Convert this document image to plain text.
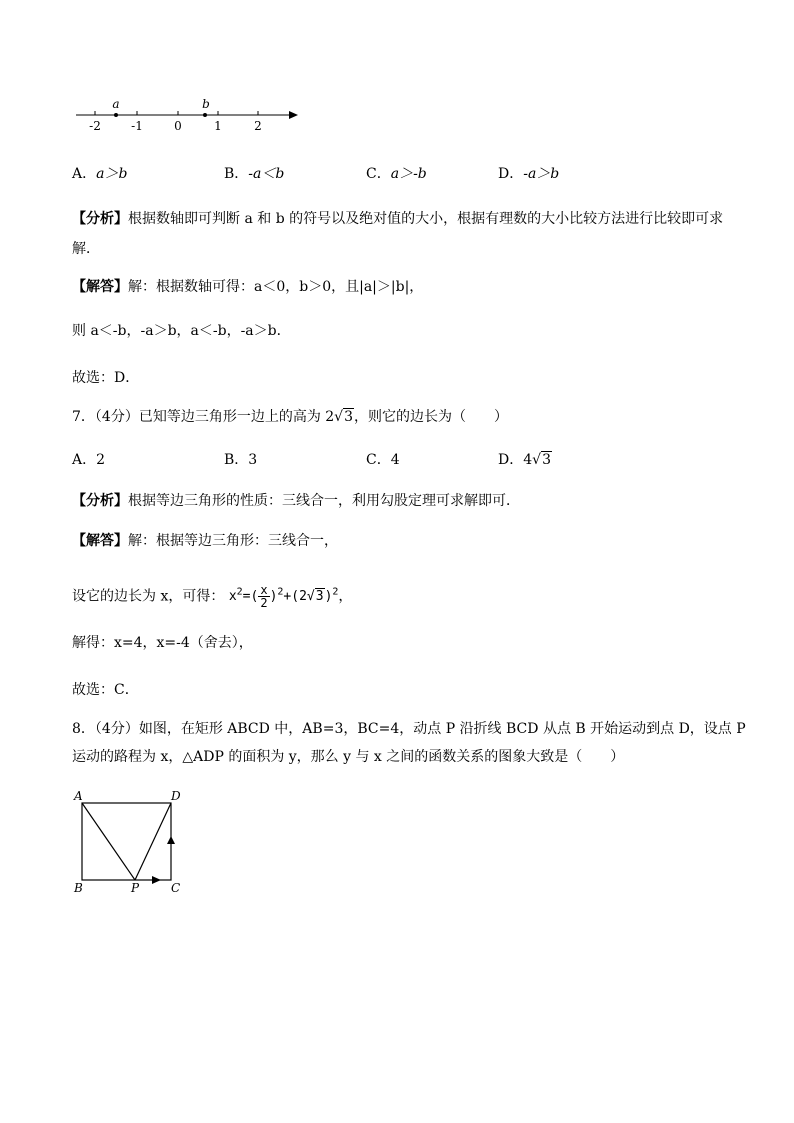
a	b
-2	-1	0	1	2
A．a＞b	B．-a＜b	C．a＞-b	D．-a＞b
【分析】根据数轴即可判断 a 和 b 的符号以及绝对值的大小，根据有理数的大小比较方法进行比较即可求解．
【解答】解：根据数轴可得：a＜0，b＞0，且|a|＞|b|，
则 a＜-b，-a＞b，a＜-b，-a＞b．
故选：D．
7．（4分）已知等边三角形一边上的高为 2√3，则它的边长为（　　）
A．2	B．3	C．4	D．4√3
【分析】根据等边三角形的性质：三线合一，利用勾股定理可求解即可．
【解答】解：根据等边三角形：三线合一，
设它的边长为 x，可得： $x^2=( \frac{x}{2} )^2+(2√3)^2$，
解得：x=4，x=-4（舍去），
故选：C．
8．（4分）如图，在矩形 ABCD 中，AB=3，BC=4，动点 P 沿折线 BCD 从点 B 开始运动到点 D，设点 P
运动的路程为 x，△ADP 的面积为 y，那么 y 与 x 之间的函数关系的图象大致是（　　）
A	D
B	P	C
